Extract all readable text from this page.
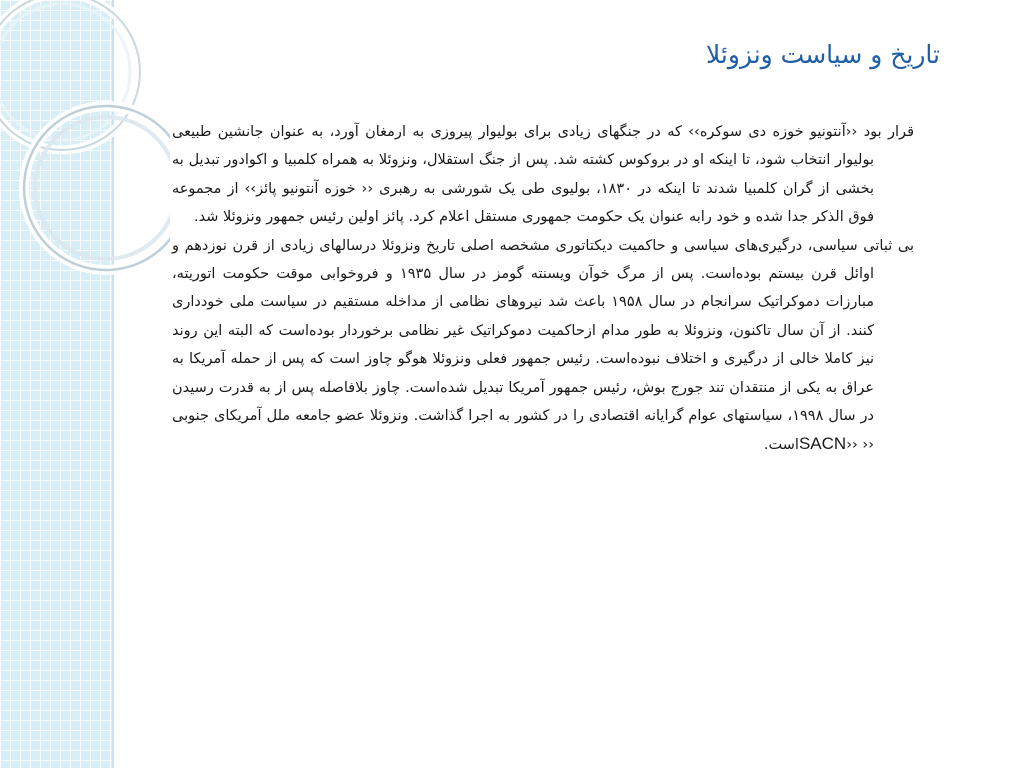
تاریخ و سیاست ونزوئلا

قرار بود ‹‹آنتونیو خوزه دی سوکره›› که در جنگهای زیادی برای بولیوار پیروزی به ارمغان آورد، به عنوان جانشین طبیعی بولیوار انتخاب شود، تا اینکه او در بروکوس کشته شد. پس از جنگ استقلال، ونزوئلا به همراه کلمبیا و اکوادور تبدیل به بخشی از گران کلمبیا شدند تا اینکه در ۱۸۳۰، بولیوی طی یک شورشی به رهبری ‹‹ خوزه آنتونیو پائز›› از مجموعه فوق الذکر جدا شده و خود رابه عنوان یک حکومت جمهوری مستقل اعلام کرد. پائز اولین رئیس جمهور ونزوئلا شد.

بی ثباتی سیاسی، درگیری‌های سیاسی و حاکمیت دیکتاتوری مشخصه اصلی تاریخ ونزوئلا درسالهای زیادی از قرن نوزدهم و اوائل قرن بیستم بوده‌است. پس از مرگ خوآن ویسنته گومز در سال ۱۹۳۵ و فروخوابی موقت حکومت اتوریته، مبارزات دموکراتیک سرانجام در سال ۱۹۵۸ باعث شد نیروهای نظامی از مداخله مستقیم در سیاست ملی خودداری کنند. از آن سال تاکنون، ونزوئلا به طور مدام ازحاکمیت دموکراتیک غیر نظامی برخوردار بوده‌است که البته این روند نیز کاملا خالی از درگیری و اختلاف نبوده‌است. رئیس جمهور فعلی ونزوئلا هوگو چاوز است که پس از حمله آمریکا به عراق به یکی از منتقدان تند جورج بوش، رئیس جمهور آمریکا تبدیل شده‌است. چاوز بلافاصله پس از به قدرت رسیدن در سال ۱۹۹۸، سیاستهای عوام گرایانه اقتصادی را در کشور به اجرا گذاشت. ونزوئلا عضو جامعه ملل آمریکای جنوبی ‹‹ ‹‹SACNاست.
